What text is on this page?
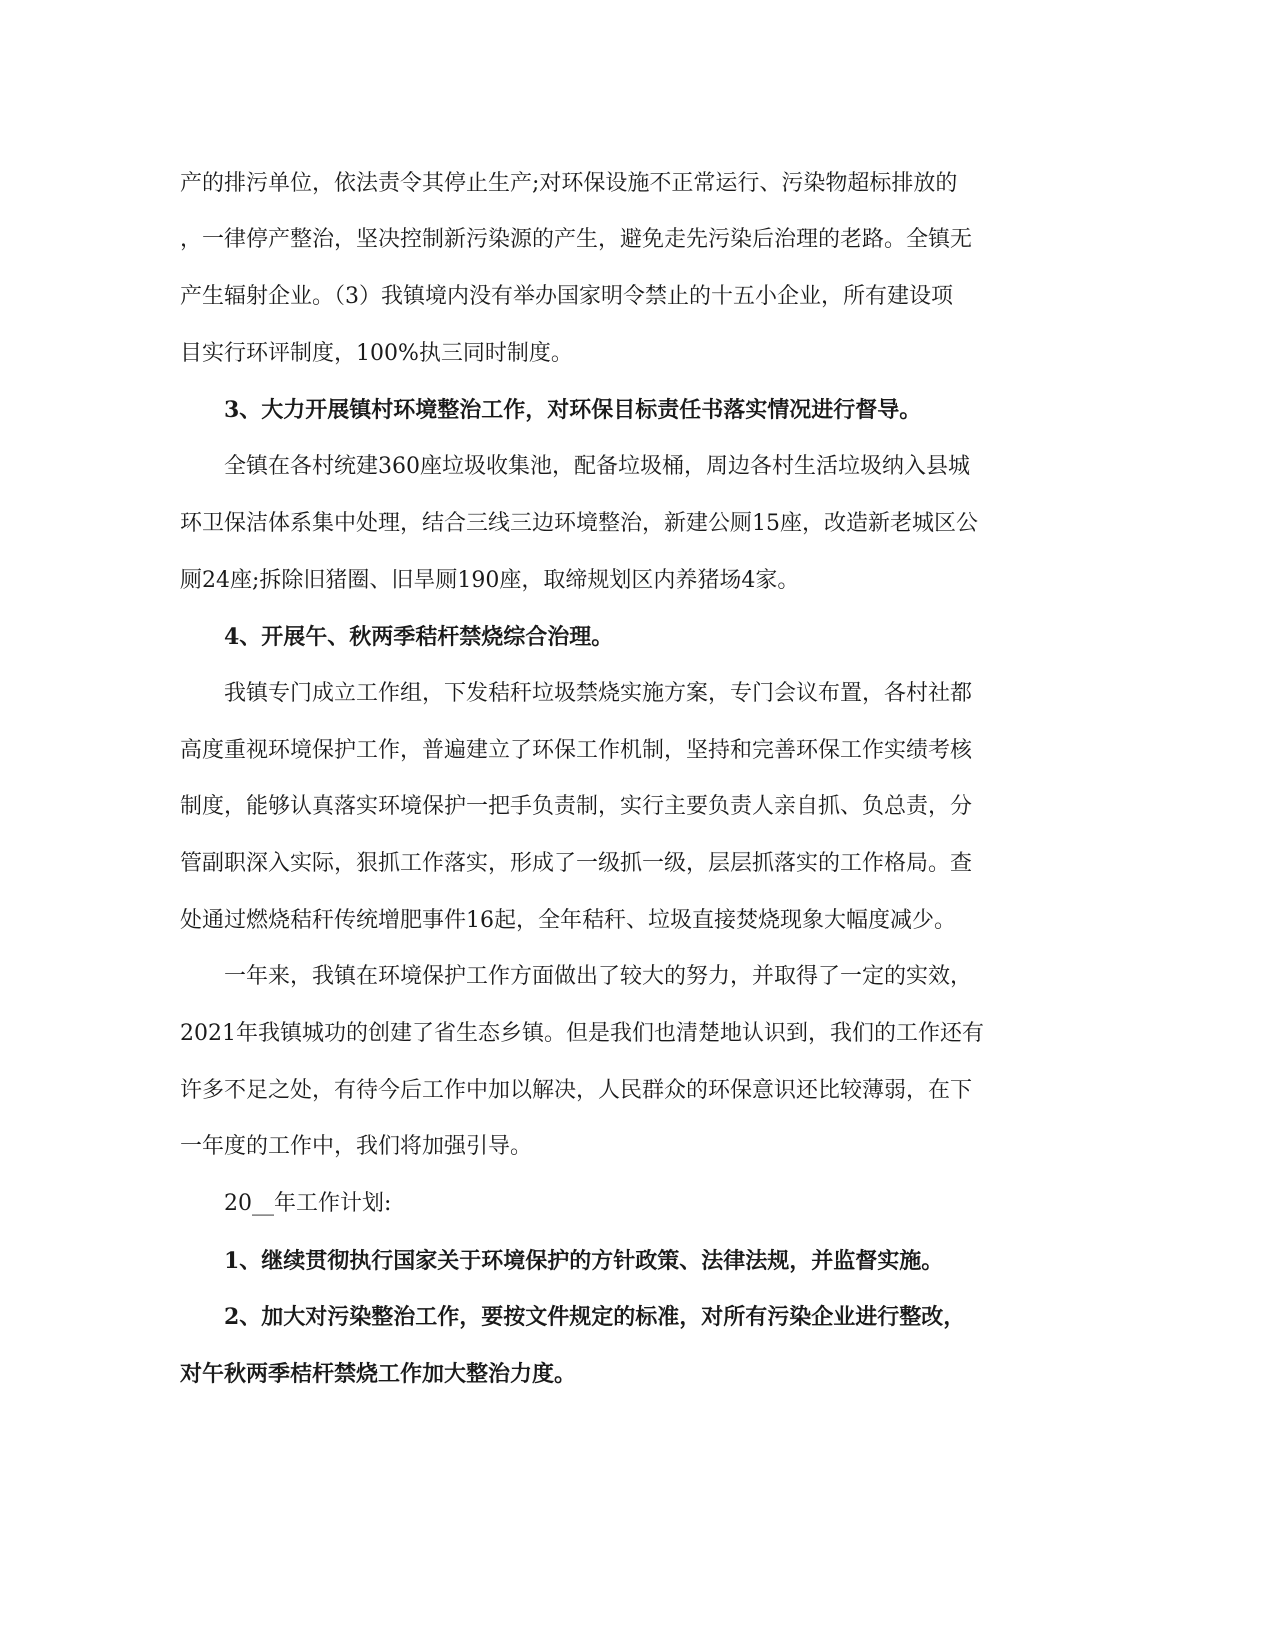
产的排污单位，依法责令其停止生产;对环保设施不正常运行、污染物超标排放的
，一律停产整治，坚决控制新污染源的产生，避免走先污染后治理的老路。全镇无
产生辐射企业。（3）我镇境内没有举办国家明令禁止的十五小企业，所有建设项
目实行环评制度，100%执三同时制度。
　　3、大力开展镇村环境整治工作，对环保目标责任书落实情况进行督导。
　　全镇在各村统建360座垃圾收集池，配备垃圾桶，周边各村生活垃圾纳入县城
环卫保洁体系集中处理，结合三线三边环境整治，新建公厕15座，改造新老城区公
厕24座;拆除旧猪圈、旧旱厕190座，取缔规划区内养猪场4家。
　　4、开展午、秋两季秸杆禁烧综合治理。
　　我镇专门成立工作组，下发秸秆垃圾禁烧实施方案，专门会议布置，各村社都
高度重视环境保护工作，普遍建立了环保工作机制，坚持和完善环保工作实绩考核
制度，能够认真落实环境保护一把手负责制，实行主要负责人亲自抓、负总责，分
管副职深入实际，狠抓工作落实，形成了一级抓一级，层层抓落实的工作格局。查
处通过燃烧秸秆传统增肥事件16起，全年秸秆、垃圾直接焚烧现象大幅度减少。
　　一年来，我镇在环境保护工作方面做出了较大的努力，并取得了一定的实效，
2021年我镇城功的创建了省生态乡镇。但是我们也清楚地认识到，我们的工作还有
许多不足之处，有待今后工作中加以解决，人民群众的环保意识还比较薄弱，在下
一年度的工作中，我们将加强引导。
　　20__年工作计划:
　　1、继续贯彻执行国家关于环境保护的方针政策、法律法规，并监督实施。
　　2、加大对污染整治工作，要按文件规定的标准，对所有污染企业进行整改，
对午秋两季桔杆禁烧工作加大整治力度。
